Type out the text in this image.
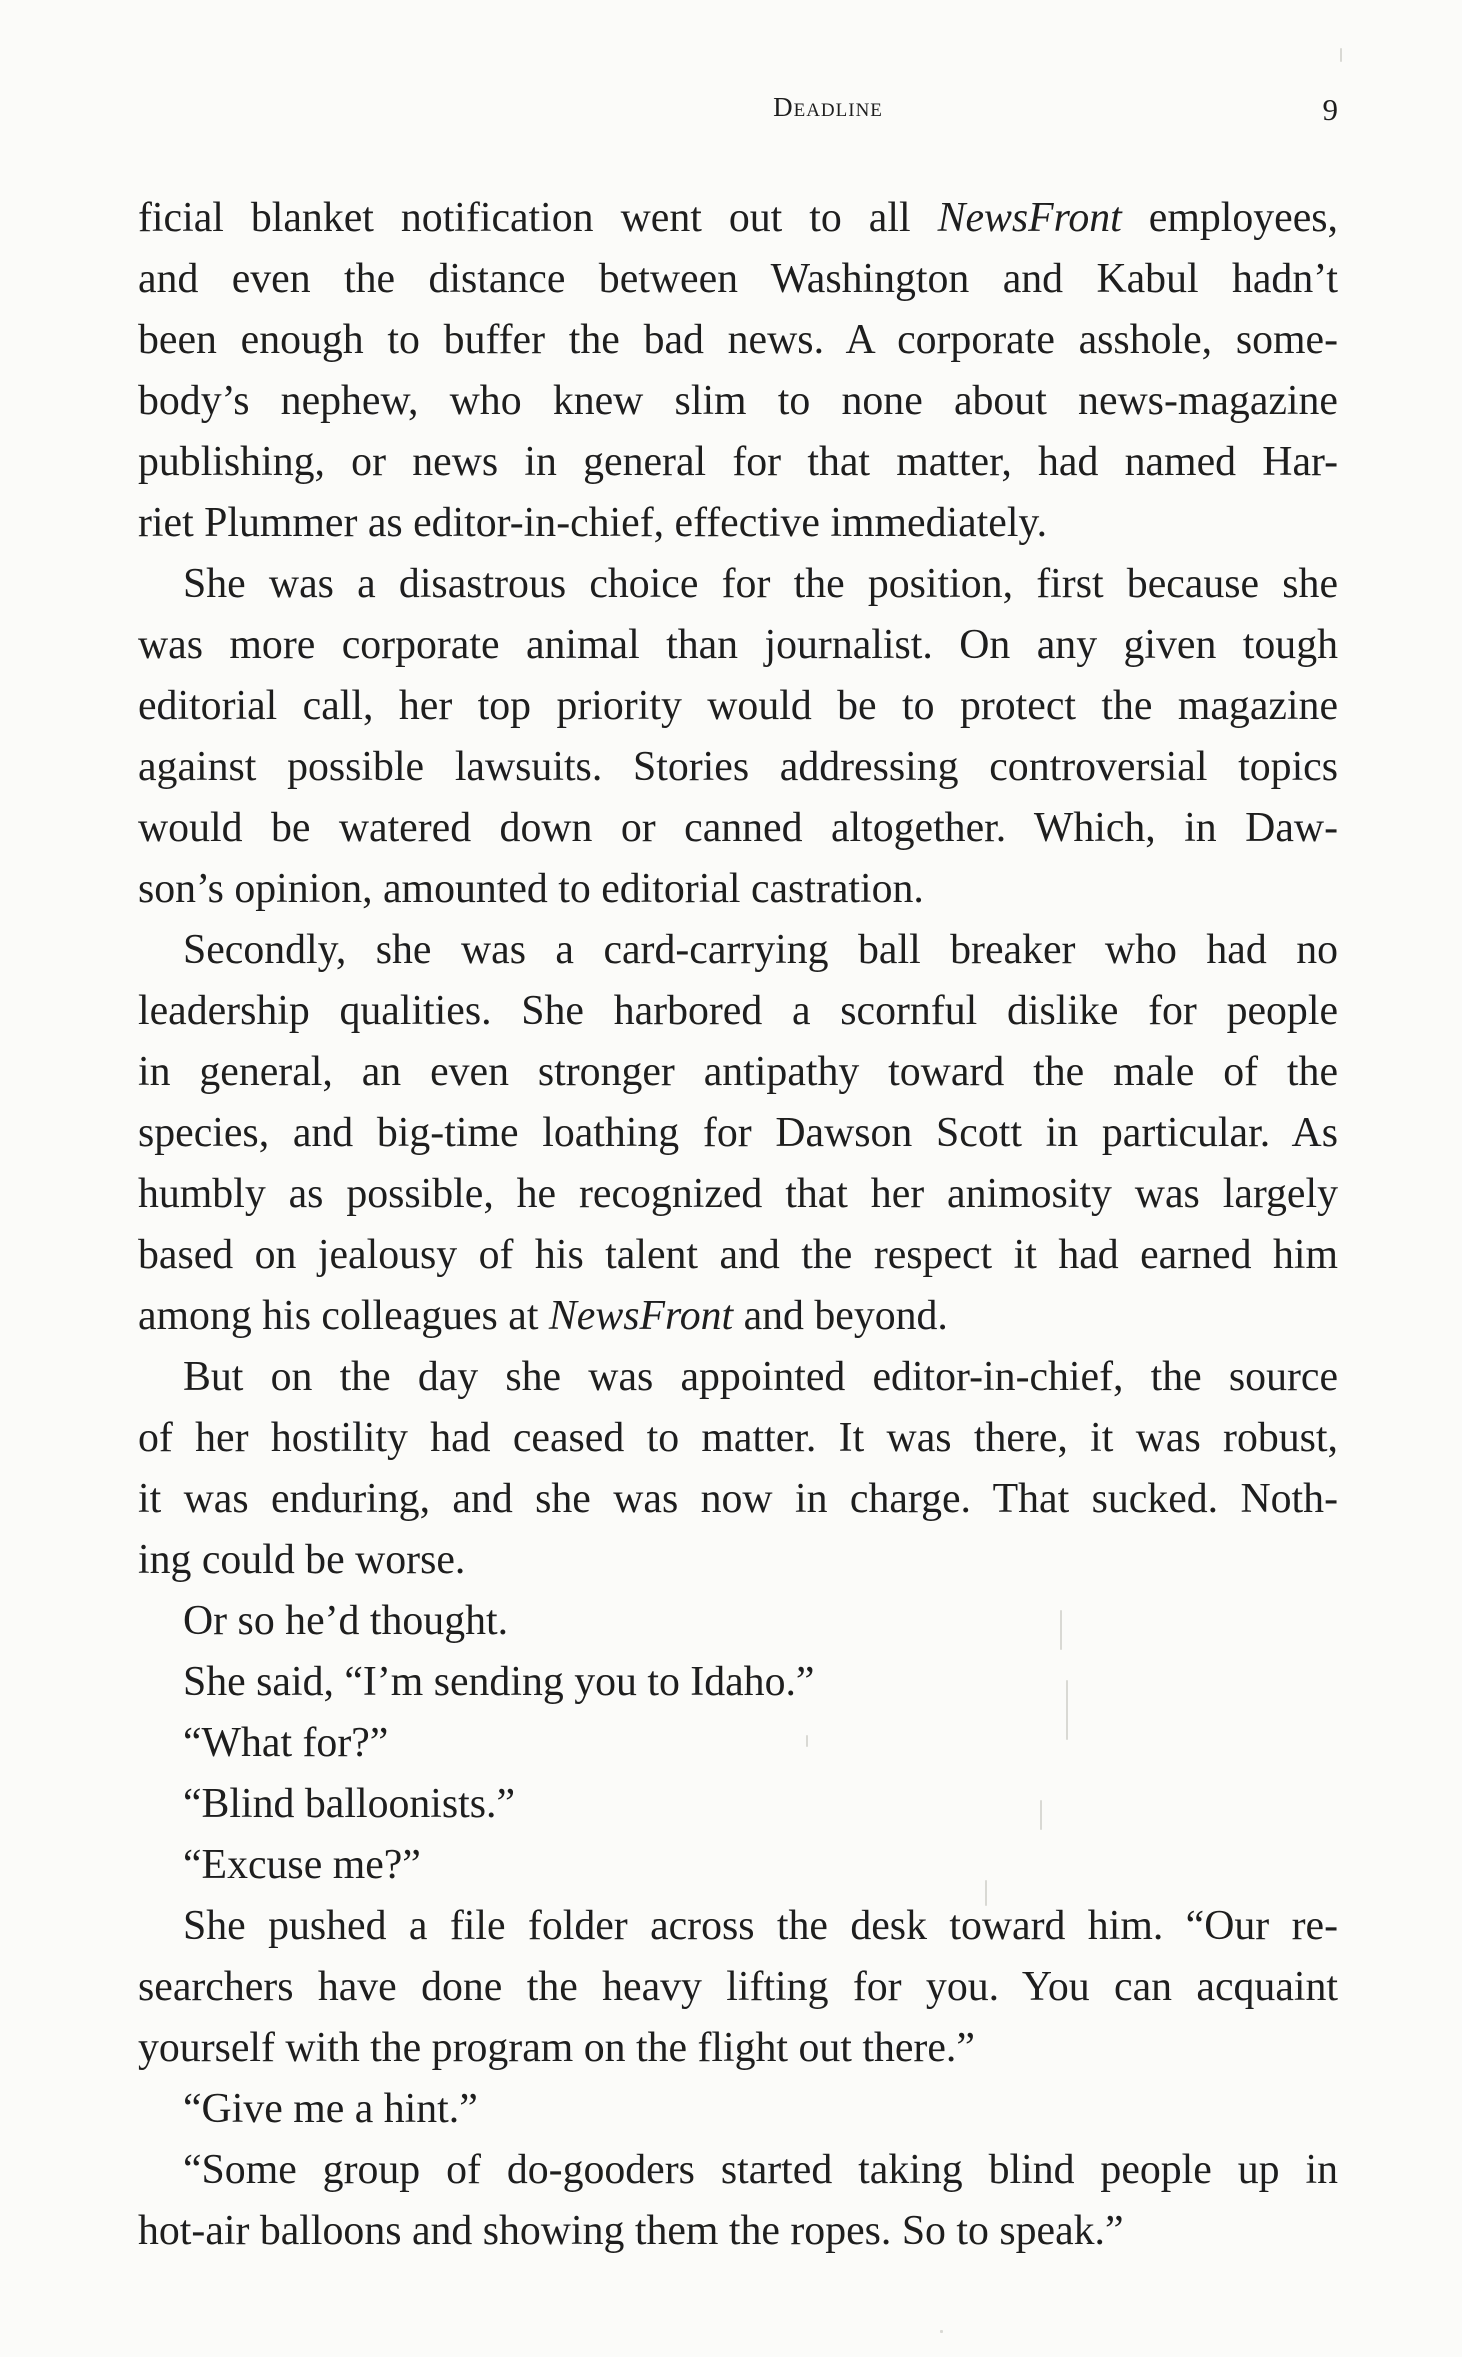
Deadline	9
ficial blanket notification went out to all NewsFront employees,
and even the distance between Washington and Kabul hadn’t
been enough to buffer the bad news. A corporate asshole, some-
body’s nephew, who knew slim to none about news-magazine
publishing, or news in general for that matter, had named Har-
riet Plummer as editor-in-chief, effective immediately.
She was a disastrous choice for the position, first because she
was more corporate animal than journalist. On any given tough
editorial call, her top priority would be to protect the magazine
against possible lawsuits. Stories addressing controversial topics
would be watered down or canned altogether. Which, in Daw-
son’s opinion, amounted to editorial castration.
Secondly, she was a card-carrying ball breaker who had no
leadership qualities. She harbored a scornful dislike for people
in general, an even stronger antipathy toward the male of the
species, and big-time loathing for Dawson Scott in particular. As
humbly as possible, he recognized that her animosity was largely
based on jealousy of his talent and the respect it had earned him
among his colleagues at NewsFront and beyond.
But on the day she was appointed editor-in-chief, the source
of her hostility had ceased to matter. It was there, it was robust,
it was enduring, and she was now in charge. That sucked. Noth-
ing could be worse.
Or so he’d thought.
She said, “I’m sending you to Idaho.”
“What for?”
“Blind balloonists.”
“Excuse me?”
She pushed a file folder across the desk toward him. “Our re-
searchers have done the heavy lifting for you. You can acquaint
yourself with the program on the flight out there.”
“Give me a hint.”
“Some group of do-gooders started taking blind people up in
hot-air balloons and showing them the ropes. So to speak.”
